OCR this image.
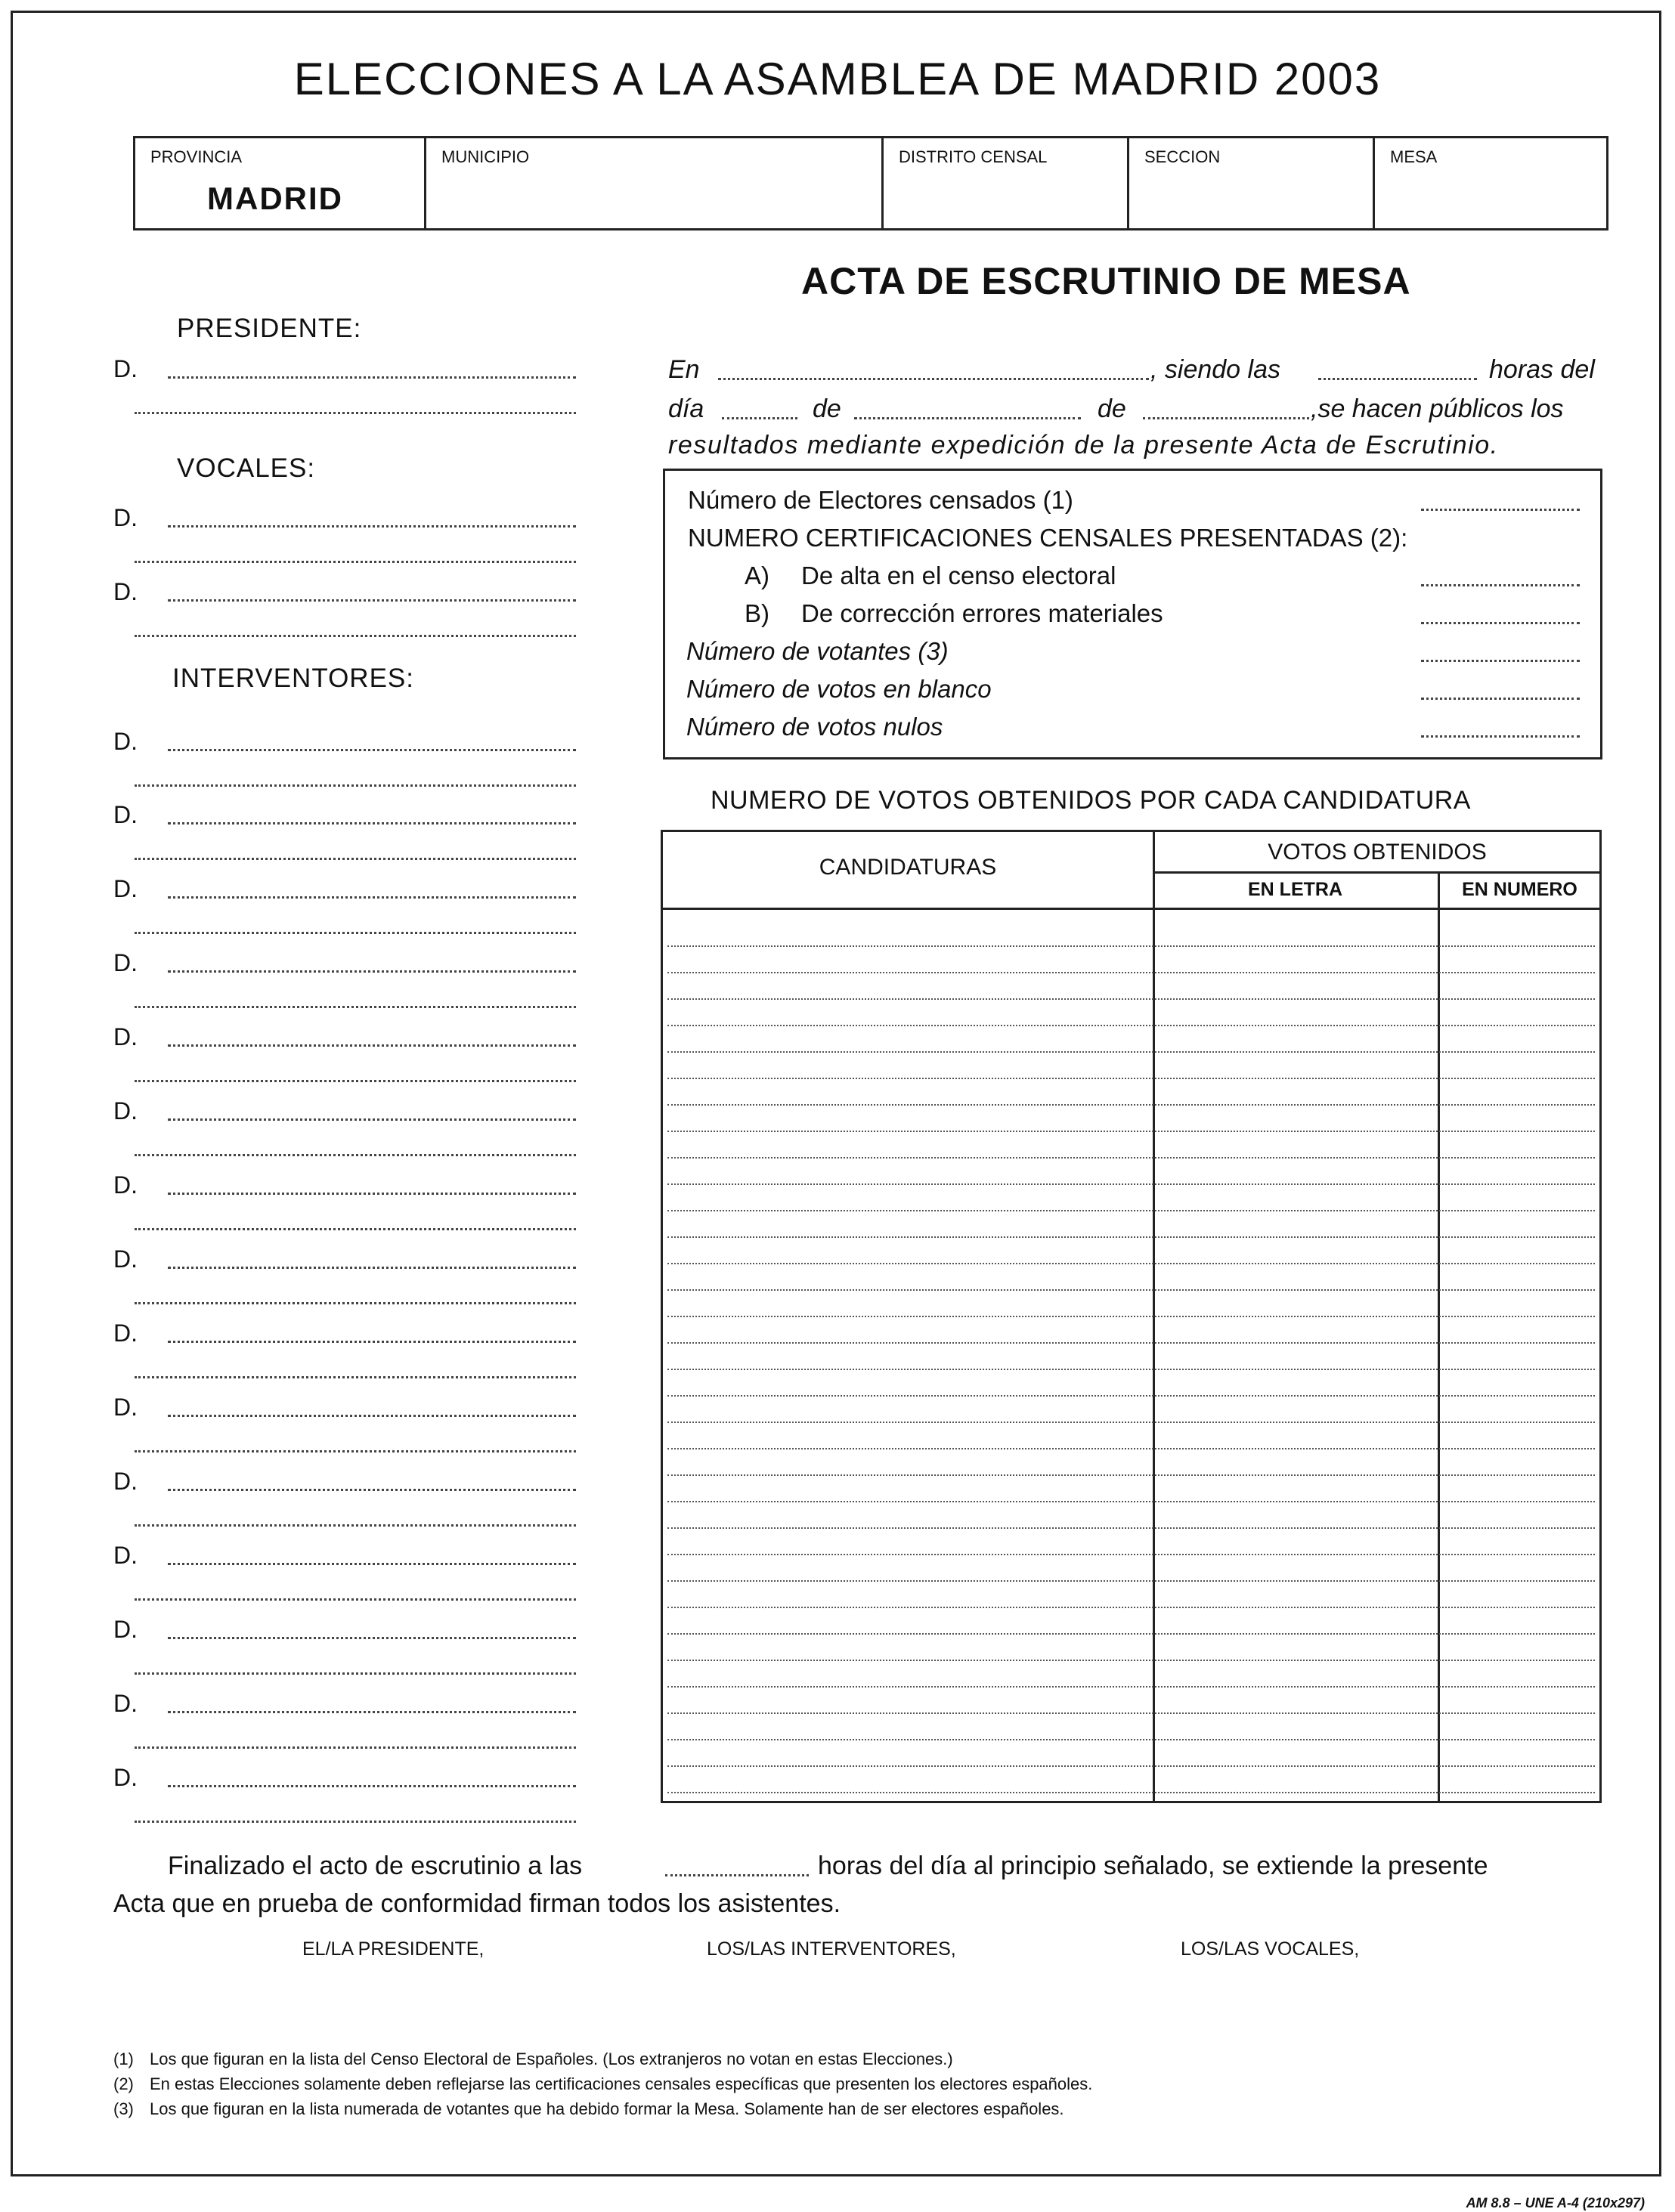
ELECCIONES A LA ASAMBLEA DE MADRID 2003
PROVINCIA
MADRID
MUNICIPIO	DISTRITO CENSAL	SECCION	MESA
ACTA DE ESCRUTINIO DE MESA
PRESIDENTE:
VOCALES:
INTERVENTORES:
D.
D.
D.
D.
D.
D.
D.
D.
D.
D.
D.
D.
D.
D.
D.
D.
D.
D.
En	, siendo las	horas del
día	de	de	,se hacen públicos los
resultados mediante expedición de la presente Acta de Escrutinio.
Número de Electores censados (1)
NUMERO CERTIFICACIONES CENSALES PRESENTADAS (2):
A) De alta en el censo electoral
B) De corrección errores materiales
Número de votantes (3)
Número de votos en blanco
Número de votos nulos
NUMERO DE VOTOS OBTENIDOS POR CADA CANDIDATURA
CANDIDATURAS
VOTOS OBTENIDOS
EN LETRA	EN NUMERO
Finalizado el acto de escrutinio a las	horas del día al principio señalado, se extiende la presente
Acta que en prueba de conformidad firman todos los asistentes.
EL/LA PRESIDENTE,	LOS/LAS INTERVENTORES,	LOS/LAS VOCALES,
(1) Los que figuran en la lista del Censo Electoral de Españoles. (Los extranjeros no votan en estas Elecciones.)
(2) En estas Elecciones solamente deben reflejarse las certificaciones censales específicas que presenten los electores españoles.
(3) Los que figuran en la lista numerada de votantes que ha debido formar la Mesa. Solamente han de ser electores españoles.
AM 8.8 – UNE A-4 (210x297)
